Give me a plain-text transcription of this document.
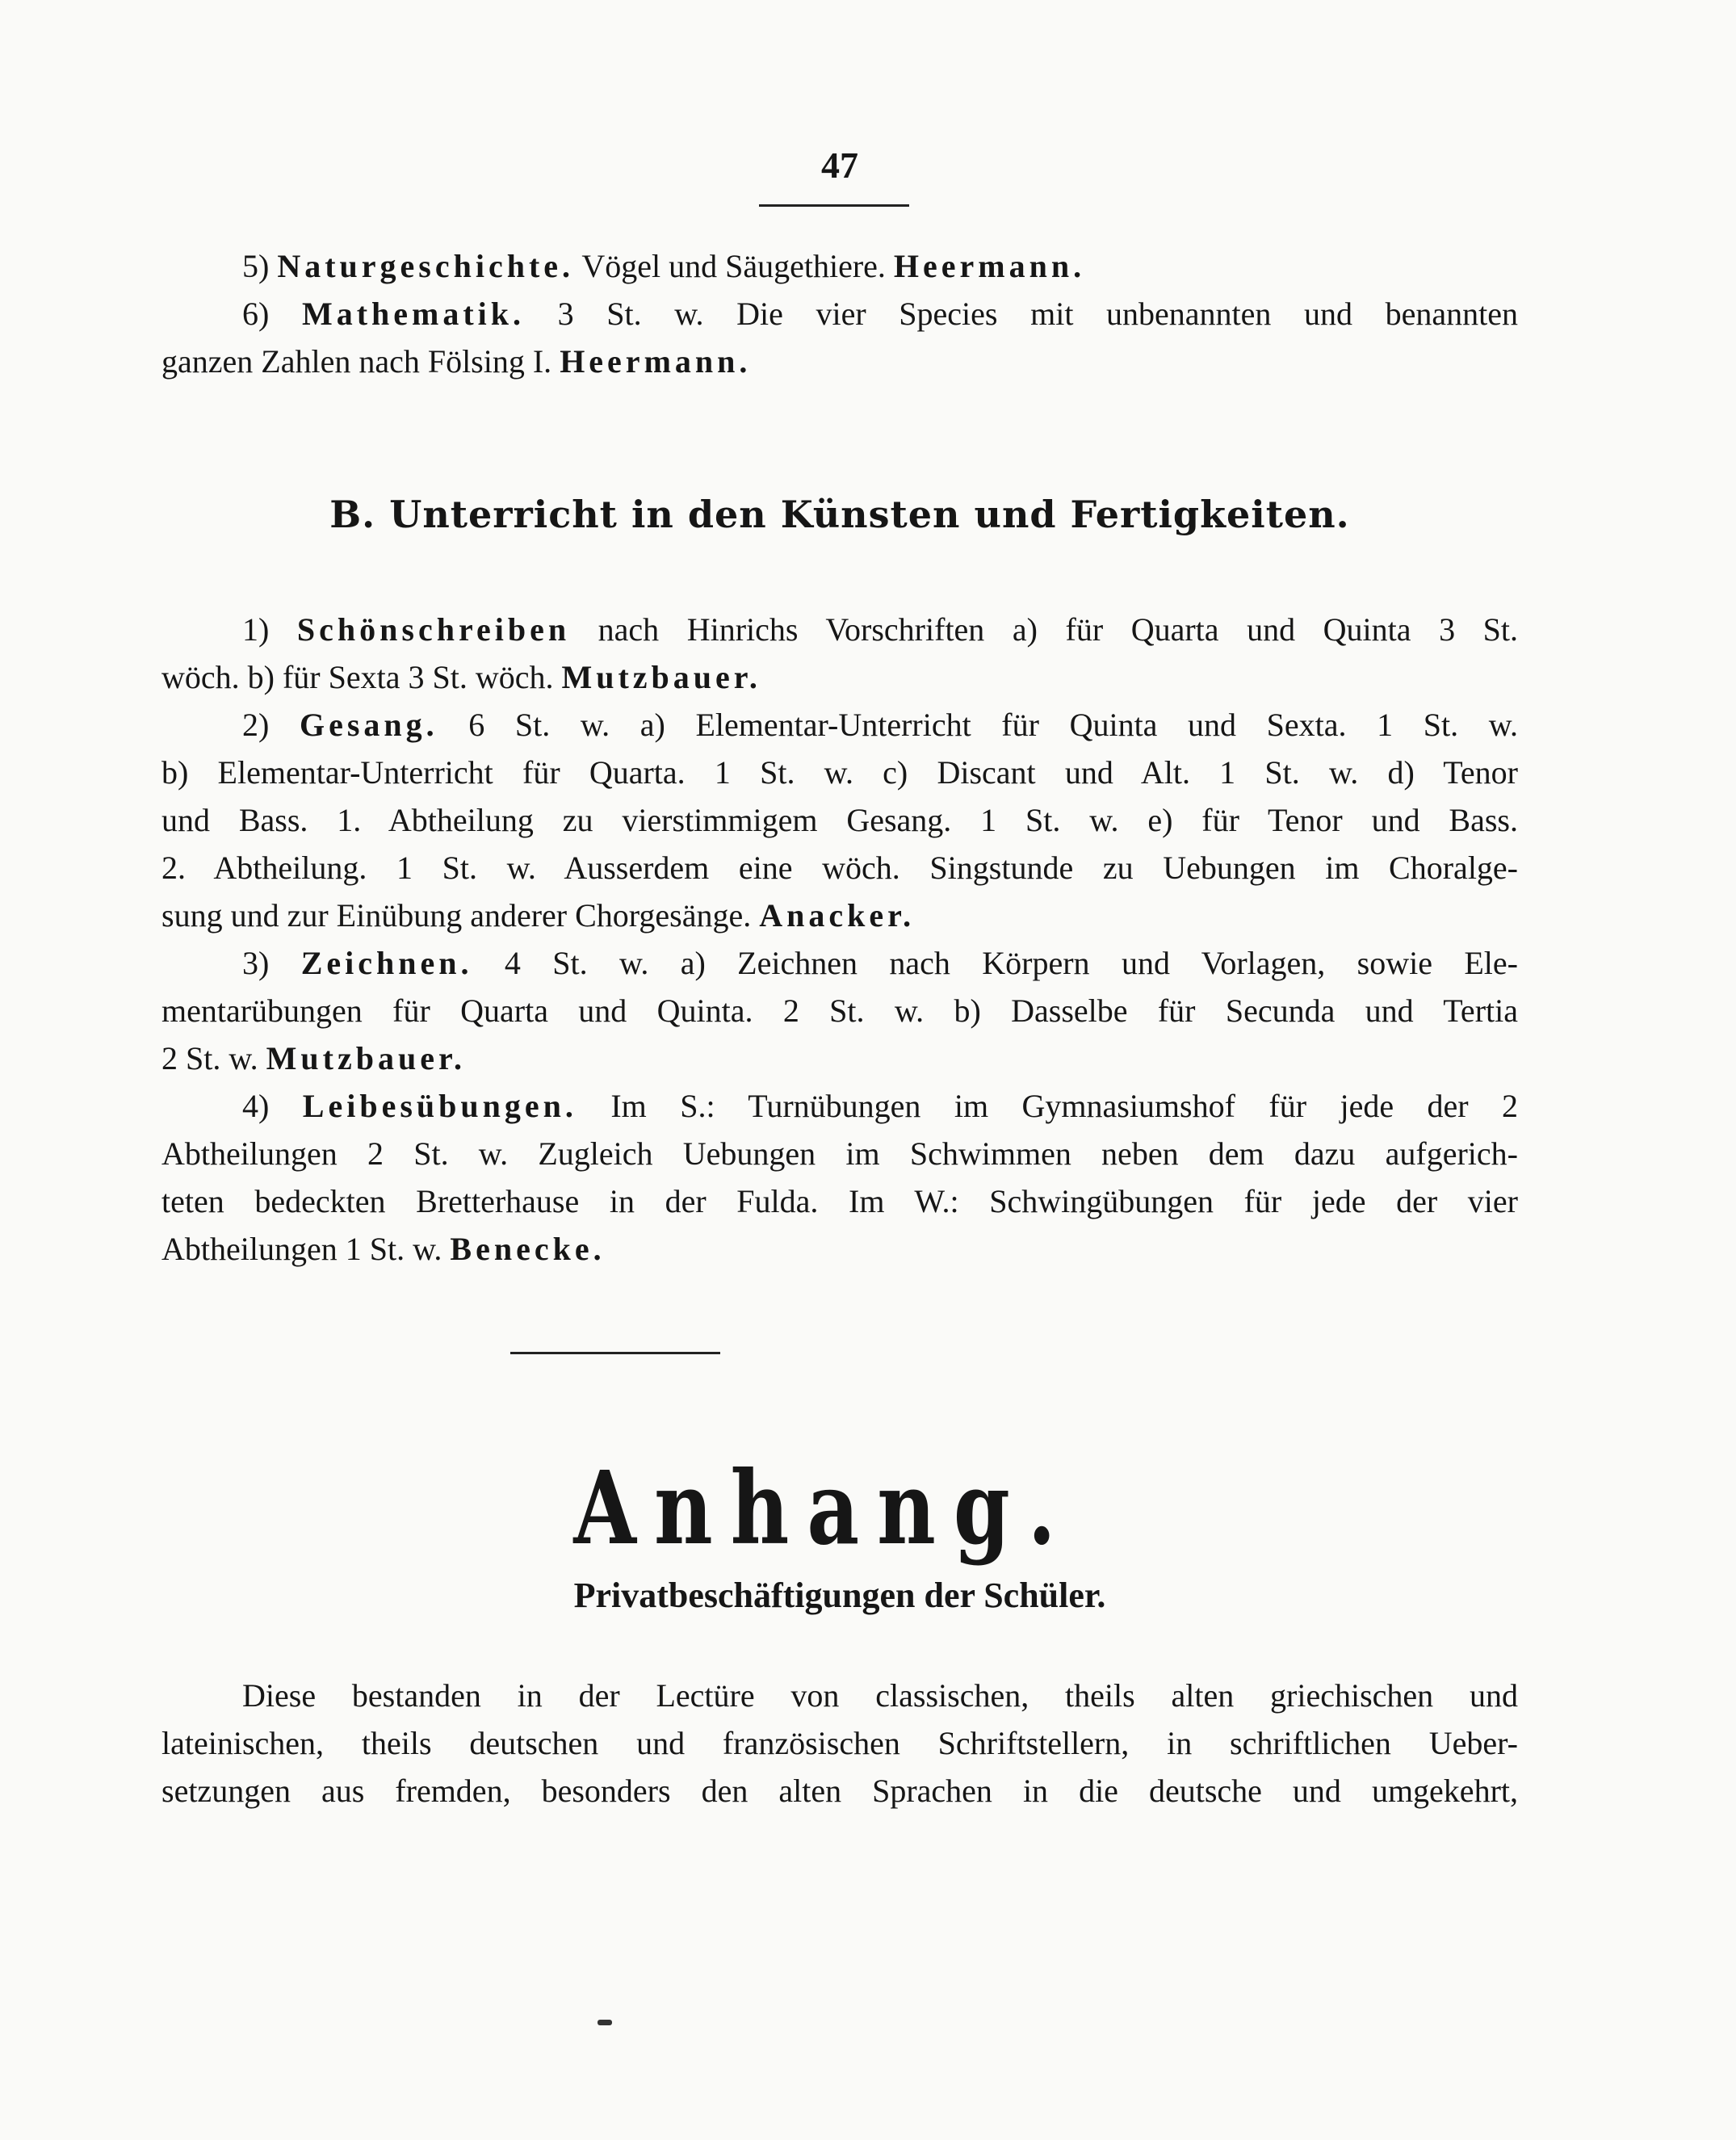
47
5) Naturgeschichte. Vögel und Säugethiere. Heermann.
6) Mathematik. 3 St. w. Die vier Species mit unbenannten und benannten
ganzen Zahlen nach Fölsing I. Heermann.
B. Unterricht in den Künsten und Fertigkeiten.
1) Schönschreiben nach Hinrichs Vorschriften a) für Quarta und Quinta 3 St.
wöch. b) für Sexta 3 St. wöch. Mutzbauer.
2) Gesang. 6 St. w. a) Elementar-Unterricht für Quinta und Sexta. 1 St. w.
b) Elementar-Unterricht für Quarta. 1 St. w. c) Discant und Alt. 1 St. w. d) Tenor
und Bass. 1. Abtheilung zu vierstimmigem Gesang. 1 St. w. e) für Tenor und Bass.
2. Abtheilung. 1 St. w. Ausserdem eine wöch. Singstunde zu Uebungen im Choralge-
sung und zur Einübung anderer Chorgesänge. Anacker.
3) Zeichnen. 4 St. w. a) Zeichnen nach Körpern und Vorlagen, sowie Ele-
mentarübungen für Quarta und Quinta. 2 St. w. b) Dasselbe für Secunda und Tertia
2 St. w. Mutzbauer.
4) Leibesübungen. Im S.: Turnübungen im Gymnasiumshof für jede der 2
Abtheilungen 2 St. w. Zugleich Uebungen im Schwimmen neben dem dazu aufgerich-
teten bedeckten Bretterhause in der Fulda. Im W.: Schwingübungen für jede der vier
Abtheilungen 1 St. w. Benecke.
Anhang.
Privatbeschäftigungen der Schüler.
Diese bestanden in der Lectüre von classischen, theils alten griechischen und
lateinischen, theils deutschen und französischen Schriftstellern, in schriftlichen Ueber-
setzungen aus fremden, besonders den alten Sprachen in die deutsche und umgekehrt,
